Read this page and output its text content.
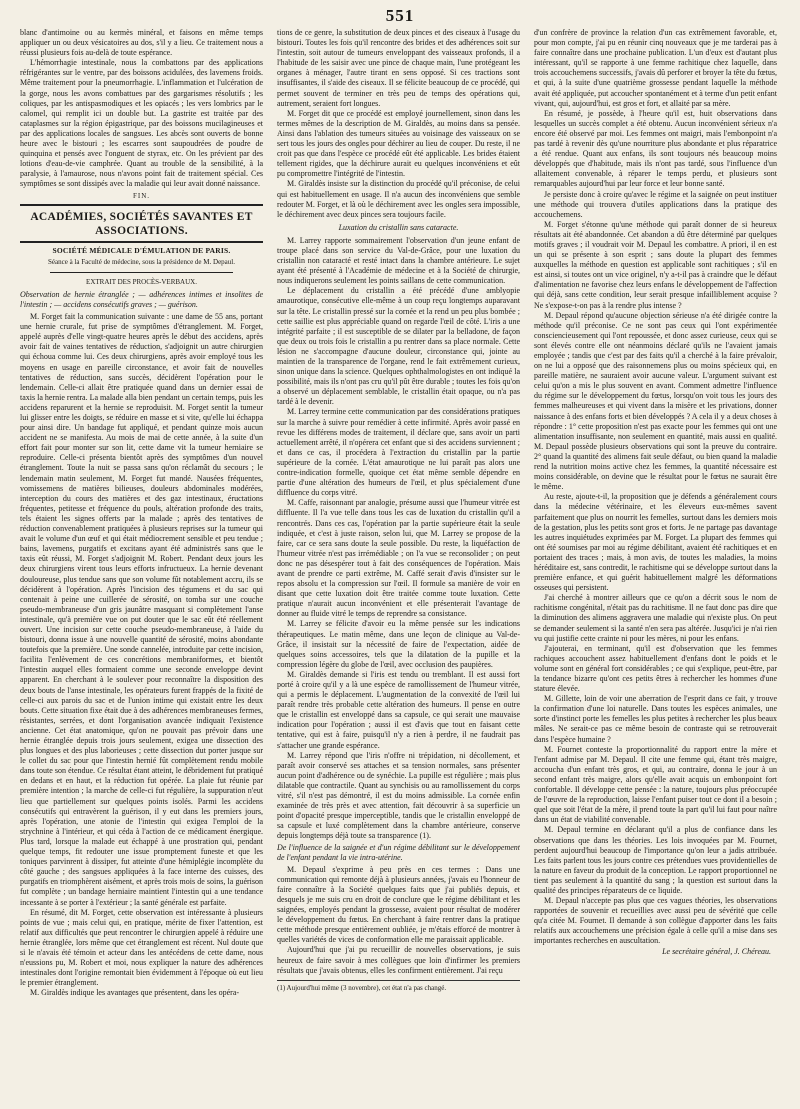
551

blanc d'antimoine ou au kermès minéral, et faisons en même temps appliquer un ou deux vésicatoires au dos, s'il y a lieu. Ce traitement nous a réussi plusieurs fois au-delà de toute espérance.

L'hémorrhagie intestinale, nous la combattons par des applications réfrigérantes sur le ventre, par des boissons acidulées, des lavemens froids. Même traitement pour la pneumorrhagie. L'inflammation et l'ulcération de la gorge, nous les avons combattues par des gargarismes résolutifs ; les coliques, par les antispasmodiques et les opiacés ; les vers lombrics par le calomel, qui remplit ici un double but. La gastrite est traitée par des cataplasmes sur la région épigastrique, par des boissons mucilagineuses et par des applications locales de sangsues. Les abcès sont ouverts de bonne heure avec le bistouri ; les escarres sont saupoudrées de poudre de quinquina et pensés avec l'onguent de styrax, etc. On les prévient par des lotions d'eau-de-vie camphrée. Quant au trouble de la sensibilité, à la paralysie, à l'amaurose, nous n'avons point fait de traitement spécial. Ces symptômes se sont dissipés avec la maladie qui leur avait donné naissance.

FIN.
ACADÉMIES, SOCIÉTÉS SAVANTES ET ASSOCIATIONS.
SOCIÉTÉ MÉDICALE D'ÉMULATION DE PARIS.
Séance à la Faculté de médecine, sous la présidence de M. Depaul.
EXTRAIT DES PROCÈS-VERBAUX.

Observation de hernie étranglée ; — adhérences intimes et insolites de l'intestin ; — accidens consécutifs graves ; — guérison.

M. Forget fait la communication suivante : une dame de 55 ans, portant une hernie crurale, fut prise de symptômes d'étranglement. M. Forget, appelé auprès d'elle vingt-quatre heures après le début des accidens, après avoir fait de vaines tentatives de réduction, s'adjoignit un autre chirurgien qui échoua comme lui. Ces deux chirurgiens, après avoir employé tous les moyens en usage en pareille circonstance, et avoir fait de nouvelles tentatives de réduction, sans succès, décidèrent l'opération pour le lendemain. Celle-ci allait être pratiquée quand dans un dernier essai de taxis la hernie rentra. La malade alla bien pendant un certain temps, puis les accidens reparurent et la hernie se reproduisit. M. Forget sentit la tumeur lui glisser entre les doigts, se réduire en masse et si vite, qu'elle lui échappa pour ainsi dire. Un bandage fut appliqué, et pendant quinze mois aucun accident ne se manifesta. Au mois de mai de cette année, à la suite d'un effort fait pour monter sur son lit, cette dame vit la tumeur herniaire se reproduire. Celle-ci présenta bientôt après des symptômes d'un nouvel étranglement. Toute la nuit se passa sans qu'on réclamât du secours ; le lendemain matin seulement, M. Forget fut mandé. Nausées fréquentes, vomissemens de matières bilieuses, douleurs abdominales modérées, interception du cours des matières et des gaz intestinaux, éructations fréquentes, petitesse et fréquence du pouls, altération profonde des traits, tels étaient les signes offerts par la malade ; après des tentatives de réduction convenablement pratiquées à plusieurs reprises sur la tumeur qui avait le volume d'un œuf et qui était médiocrement sensible et peu tendue ; bains, lavemens, purgatifs et excitans ayant été administrés sans que le taxis eût réussi, M. Forget s'adjoignit M. Robert. Pendant deux jours les deux chirurgiens virent tous leurs efforts infructueux. La hernie devenant douloureuse, plus tendue sans que son volume fût notablement accru, ils se décidèrent à l'opération. Après l'incision des tégumens et du sac qui contenait à peine une cuillerée de sérosité, on tomba sur une couche pseudo-membraneuse d'un gris jaunâtre masquant si complètement l'anse intestinale, qu'à première vue on put douter que le sac eût été réellement ouvert. Une incision sur cette couche pseudo-membraneuse, à l'aide du bistouri, donna issue à une nouvelle quantité de sérosité, moins abondante toutefois que la première. Une sonde cannelée, introduite par cette incision, facilita l'enlèvement de ces concrétions membraniformes, et bientôt l'intestin auquel elles formaient comme une seconde enveloppe devint apparent. En cherchant à le soulever pour reconnaître la disposition des deux bouts de l'anse intestinale, les opérateurs furent frappés de la fixité de celle-ci aux parois du sac et de l'union intime qui existait entre les deux bouts. Cette situation fixe était due à des adhérences membraneuses fermes, résistantes, serrées, et dont l'organisation avancée indiquait l'existence ancienne. Cet état anatomique, qu'on ne pouvait pas prévoir dans une hernie étranglée depuis trois jours seulement, exigea une dissection des plus longues et des plus laborieuses ; cette dissection dut porter jusque sur le collet du sac pour que l'intestin hernié fût complètement rendu mobile dans toute son étendue. Ce résultat étant atteint, le débridement fut pratiqué en dedans et en haut, et la réduction fut opérée. La plaie fut réunie par première intention ; la marche de celle-ci fut régulière, la suppuration n'eut lieu que partiellement sur quelques points isolés. Parmi les accidens consécutifs qui entravèrent la guérison, il y eut dans les premiers jours, après l'opération, une atonie de l'intestin qui exigea l'emploi de la strychnine à l'intérieur, et qui céda à l'action de ce médicament énergique. Plus tard, lorsque la malade eut échappé à une prostration qui, pendant quelque temps, fit redouter une issue promptement funeste et que les toniques parvinrent à dissiper, fut atteinte d'une hémiplégie incomplète du côté gauche ; des sangsues appliquées à la face interne des cuisses, des purgatifs en triomphèrent aisément, et après trois mois de soins, la guérison fut complète ; un bandage herniaire maintient l'intestin qui a une tendance incessante à se porter à l'extérieur ; la santé générale est parfaite.

En résumé, dit M. Forget, cette observation est intéressante à plusieurs points de vue ; mais celui qui, en pratique, mérite de fixer l'attention, est relatif aux difficultés que peut rencontrer le chirurgien appelé à réduire une hernie étranglée, lors même que cet étranglement est récent. Nul doute que si le n'avais été témoin et acteur dans les antécédens de cette dame, nous n'eussions pu, M. Robert et moi, nous expliquer la nature des adhérences intestinales dont l'origine remontait bien évidemment à l'époque où eut lieu le premier étranglement.

M. Giraldès indique les avantages que présentent, dans les opéra-

tions de ce genre, la substitution de deux pinces et des ciseaux à l'usage du bistouri. Toutes les fois qu'il rencontre des brides et des adhérences soit sur l'intestin, soit autour de tumeurs enveloppant des vaisseaux profonds, il a l'habitude de les saisir avec une pince de chaque main, l'une protégeant les organes à ménager, l'autre tirant en sens opposé. Si ces tractions sont insuffisantes, il s'aide des ciseaux. Il se félicite beaucoup de ce procédé, qui permet souvent de terminer en très peu de temps des opérations qui, autrement, seraient fort longues.

M. Forget dit que ce procédé est employé journellement, sinon dans les termes mêmes de la description de M. Giraldès, au moins dans sa pensée. Ainsi dans l'ablation des tumeurs situées au voisinage des vaisseaux on se sert tous les jours des ongles pour déchirer au lieu de couper. Du reste, il ne croit pas que dans l'espèce ce procédé eût été applicable. Les brides étaient tellement rigides, que la déchirure aurait eu quelques inconvéniens et eût pu compromettre l'intégrité de l'intestin.

M. Giraldès insiste sur la distinction du procédé qu'il préconise, de celui qui est habituellement en usage. Il n'a aucun des inconvéniens que semble redouter M. Forget, et là où le déchirement avec les ongles sera impossible, le déchirement avec deux pinces sera toujours facile.

Luxation du cristallin sans cataracte.

M. Larrey rapporte sommairement l'observation d'un jeune enfant de troupe placé dans son service du Val-de-Grâce, pour une luxation du cristallin non cataracté et resté intact dans la chambre antérieure. Le sujet ayant été présenté à l'Académie de médecine et à la Société de chirurgie, nous indiquerons seulement les points saillans de cette communication.

Le déplacement du cristallin a été précédé d'une amblyopie amaurotique, consécutive elle-même à un coup reçu longtemps auparavant sur la tête. Le cristallin pressé sur la cornée et la rend un peu plus bombée ; cette saillie est plus appréciable quand on regarde l'œil de côté. L'iris a une intégrité parfaite ; il est susceptible de se dilater par la belladone, de façon que deux ou trois fois le cristallin a pu rentrer dans sa place normale. Cette lésion ne s'accompagne d'aucune douleur, circonstance qui, jointe au maintien de la transparence de l'organe, rend le fait extrêmement curieux, sinon unique dans la science. Quelques ophthalmologistes en ont indiqué la possibilité, mais ils n'ont pas cru qu'il pût être durable ; toutes les fois qu'on a observé un déplacement semblable, le cristallin était opaque, ou n'a pas tardé à le devenir.

M. Larrey termine cette communication par des considérations pratiques sur la marche à suivre pour remédier à cette infirmité. Après avoir passé en revue les différens modes de traitement, il déclare que, sans avoir un parti actuellement arrêté, il n'opérera cet enfant que si des accidens surviennent ; et dans ce cas, il procédera à l'extraction du cristallin par la partie supérieure de la cornée. L'état amaurotique ne lui paraît pas alors une contre-indication formelle, quoique cet état même semble dépendre en partie d'une altération des humeurs de l'œil, et plus spécialement d'une diffluence du corps vitré.

M. Caffe, raisonnant par analogie, présume aussi que l'humeur vitrée est diffluente. Il l'a vue telle dans tous les cas de luxation du cristallin qu'il a rencontrés. Dans ces cas, l'opération par la partie supérieure était la seule indiquée, et c'est à juste raison, selon lui, que M. Larrey se propose de la faire, car ce sera sans doute la seule possible. Du reste, la liquéfaction de l'humeur vitrée n'est pas irrémédiable ; on l'a vue se reconsolider ; on peut donc ne pas désespérer tout à fait des conséquences de l'opération. Mais avant de prendre ce parti extrême, M. Caffé serait d'avis d'insister sur le repos absolu et la compression sur l'œil. Il formule sa manière de voir en disant que cette luxation doit être traitée comme toute luxation. Cette pratique n'aurait aucun inconvénient et elle présenterait l'avantage de donner au fluide vitré le temps de reprendre sa consistance.

M. Larrey se félicite d'avoir eu la même pensée sur les indications thérapeutiques. Le matin même, dans une leçon de clinique au Val-de-Grâce, il insistait sur la nécessité de faire de l'expectation, aidée de quelques soins accessoires, tels que la dilatation de la pupille et la compression légère du globe de l'œil, avec occlusion des paupières.

M. Giraldès demande si l'iris est tendu ou tremblant. Il est aussi fort porté à croire qu'il y a là une espèce de ramollissement de l'humeur vitrée, qui a permis le déplacement. L'augmentation de la convexité de l'œil lui paraît rendre très probable cette altération des humeurs. Il pense en outre que le cristallin est enveloppé dans sa capsule, ce qui serait une mauvaise indication pour l'opération ; aussi il est d'avis que tout en faisant cette tentative, qui est à faire, puisqu'il n'y a rien à perdre, il ne faudrait pas s'attacher une grande espérance.

M. Larrey répond que l'iris n'offre ni trépidation, ni décollement, et paraît avoir conservé ses attaches et sa tension normales, sans présenter aucun point d'adhérence ou de synéchie. La pupille est régulière ; mais plus dilatable que contractile. Quant au synchisis ou au ramollissement du corps vitré, s'il n'est pas démontré, il est du moins admissible. La cornée enfin examinée de très près et avec attention, fait découvrir à sa superficie un point d'opacité presque imperceptible, tandis que le cristallin enveloppé de sa capsule et luxé complètement dans la chambre antérieure, conserve depuis longtemps déjà toute sa transparence (1).

De l'influence de la saignée et d'un régime débilitant sur le développement de l'enfant pendant la vie intra-utérine.

M. Depaul s'exprime à peu près en ces termes : Dans une communication qui remonte déjà à plusieurs années, j'avais eu l'honneur de faire connaître à la Société quelques faits que j'ai publiés depuis, et desquels je me suis cru en droit de conclure que le régime débilitant et les saignées, employés pendant la grossesse, avaient pour résultat de modérer le développement du fœtus. En cherchant à faire rentrer dans la pratique cette méthode presque entièrement oubliée, je m'étais efforcé de montrer à quelles variétés de vices de conformation elle me paraissait applicable.

Aujourd'hui que j'ai pu recueillir de nouvelles observations, je suis heureux de faire savoir à mes collègues que loin d'infirmer les premiers résultats que j'avais obtenus, elles les confirment entièrement. J'ai reçu

(1) Aujourd'hui même (3 novembre), cet état n'a pas changé.

d'un confrère de province la relation d'un cas extrêmement favorable, et, pour mon compte, j'ai pu en réunir cinq nouveaux que je me tarderai pas à faire connaître dans une prochaine publication. L'un d'eux est d'autant plus intéressant, qu'il se rapporte à une femme rachitique chez laquelle, dans trois accouchemens successifs, j'avais dû perforer et broyer la tête du fœtus, et qui, à la suite d'une quatrième grossesse pendant laquelle la méthode avait été appliquée, put accoucher spontanément et à terme d'un petit enfant vivant, qui, aujourd'hui, est gros et fort, et allaité par sa mère.

En résumé, je possède, à l'heure qu'il est, huit observations dans lesquelles un succès complet a été obtenu. Aucun inconvénient sérieux n'a encore été observé par moi. Les femmes ont maigri, mais l'embonpoint n'a pas tardé à revenir dès qu'une nourriture plus abondante et plus réparatrice a été rendue. Quant aux enfans, ils sont toujours nés beaucoup moins développés que d'habitude, mais ils n'ont pas tardé, sous l'influence d'un allaitement convenable, à réparer le temps perdu, et plusieurs sont remarquables aujourd'hui par leur force et leur bonne santé.

Je persiste donc à croire qu'avec le régime et la saignée on peut instituer une méthode qui trouvera d'utiles applications dans la pratique des accouchemens.

M. Forget s'étonne qu'une méthode qui paraît donner de si heureux résultats ait été abandonnée. Cet abandon a dû être déterminé par quelques motifs graves ; il voudrait voir M. Depaul les combattre. A priori, il en est un qui se présente à son esprit ; sans doute la plupart des femmes auxquelles la méthode en question est applicable sont rachitiques ; s'il en est ainsi, si toutes ont un vice originel, n'y a-t-il pas à craindre que le défaut d'alimentation ne favorise chez leurs enfans le développement de l'affection qui déjà, sans cette condition, leur serait presque infailliblement acquise ? Ne s'expose-t-on pas à la rendre plus intense ?

M. Depaul répond qu'aucune objection sérieuse n'a été dirigée contre la méthode qu'il préconise. Ce ne sont pas ceux qui l'ont expérimentée consciencieusement qui l'ont repoussée, et donc assez curieuse, ceux qui se sont élevés contre elle ont néanmoins déclaré qu'ils ne l'avaient jamais employée ; tandis que c'est par des faits qu'il a cherché à la faire prévaloir, on ne lui a opposé que des raisonnemens plus ou moins spécieux qui, en pareille matière, ne sauraient avoir aucune valeur. L'argument suivant est celui qu'on a mis le plus souvent en avant. Comment admettre l'influence du régime sur le développement du fœtus, lorsqu'on voit tous les jours des femmes malheureuses et qui vivent dans la misère et les privations, donner naissance à des enfans forts et bien développés ? A cela il y a deux choses à répondre : 1° cette proposition n'est pas exacte pour les femmes qui ont une alimentation insuffisante, non seulement en quantité, mais aussi en qualité. M. Depaul possède plusieurs observations qui sont la preuve du contraire. 2° quand la quantité des alimens fait seule défaut, ou bien quand la maladie rend la nutrition moins active chez les femmes, la quantité nécessaire est moins considérable, on devine que le résultat pour le fœtus ne saurait être le même.

Au reste, ajoute-t-il, la proposition que je défends a généralement cours dans la médecine vétérinaire, et les éleveurs eux-mêmes savent parfaitement que plus on nourrit les femelles, surtout dans les derniers mois de la gestation, plus les petits sont gros et forts. Je ne partage pas davantage les autres inquiétudes exprimées par M. Forget. La plupart des femmes qui ont été soumises par moi au régime débilitant, avaient été rachitiques et en portaient des traces ; mais, à mon avis, de toutes les maladies, la moins héréditaire est, sans contredit, le rachitisme qui se développe surtout dans la première enfance, et qui guérit habituellement malgré les déformations osseuses qui persistent.

J'ai cherché à montrer ailleurs que ce qu'on a décrit sous le nom de rachitisme congénital, n'était pas du rachitisme. Il ne faut donc pas dire que la diminution des alimens aggravera une maladie qui n'existe plus. On peut se demander seulement si la santé n'en sera pas altérée. Jusqu'ici je n'ai rien vu qui justifie cette crainte ni pour les mères, ni pour les enfans.

J'ajouterai, en terminant, qu'il est d'observation que les femmes rachiques accouchent assez habituellement d'enfans dont le poids et le volume sont en général fort considérables ; ce qui s'explique, peut-être, par la tendance bizarre qu'ont ces petits êtres à rechercher les hommes d'une stature élevée.

M. Gillette, loin de voir une aberration de l'esprit dans ce fait, y trouve la confirmation d'une loi naturelle. Dans toutes les espèces animales, une sorte d'instinct porte les femelles les plus petites à rechercher les plus beaux mâles. Ne serait-ce pas ce même besoin de contraste qui se retrouverait dans l'espèce humaine ?

M. Fournet conteste la proportionnalité du rapport entre la mère et l'enfant admise par M. Depaul. Il cite une femme qui, étant très maigre, accoucha d'un enfant très gros, et qui, au contraire, donna le jour à un second enfant très maigre, alors qu'elle avait acquis un embonpoint fort confortable. Il développe cette pensée : la nature, toujours plus préoccupée de l'œuvre de la reproduction, laisse l'enfant puiser tout ce dont il a besoin ; quel que soit l'état de la mère, il prend toute la part qu'il lui faut pour naître dans un état de viabilité convenable.

M. Depaul termine en déclarant qu'il a plus de confiance dans les observations que dans les théories. Les lois invoquées par M. Fournet, perdent aujourd'hui beaucoup de l'importance qu'on leur a jadis attribuée. Les faits parlent tous les jours contre ces prétendues vues providentielles de la nature en faveur du produit de la conception. Le rapport proportionnel ne tient pas seulement à la quantité du sang ; la question est surtout dans la qualité des principes réparateurs de ce liquide.

M. Depaul n'accepte pas plus que ces vagues théories, les observations rapportées de souvenir et recueillies avec aussi peu de sévérité que celle qu'a citée M. Fournet. Il demande à son collègue d'apporter dans les faits relatifs aux accouchemens une précision égale à celle qu'il a mise dans ses importantes recherches en auscultation.

Le secrétaire général, J. Chéreau.
